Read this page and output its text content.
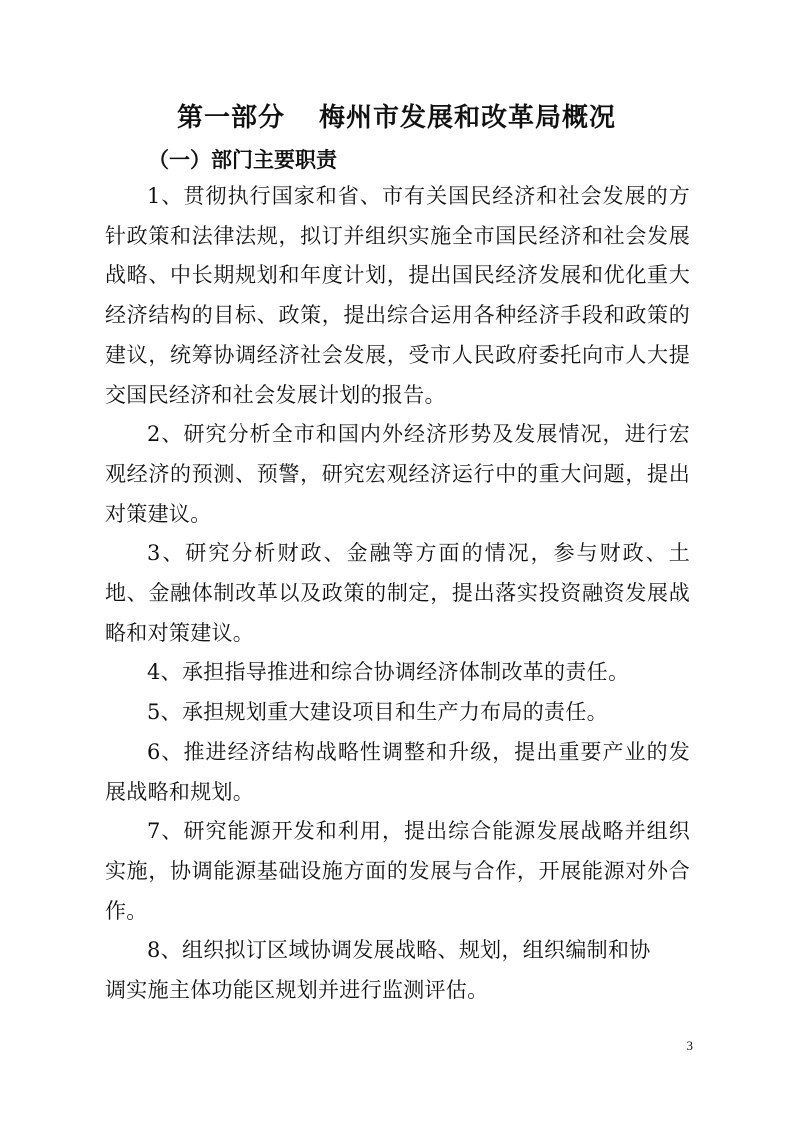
第一部分 梅州市发展和改革局概况
（一）部门主要职责

1、贯彻执行国家和省、市有关国民经济和社会发展的方针政策和法律法规，拟订并组织实施全市国民经济和社会发展战略、中长期规划和年度计划，提出国民经济发展和优化重大经济结构的目标、政策，提出综合运用各种经济手段和政策的建议，统筹协调经济社会发展，受市人民政府委托向市人大提交国民经济和社会发展计划的报告。

2、研究分析全市和国内外经济形势及发展情况，进行宏观经济的预测、预警，研究宏观经济运行中的重大问题，提出对策建议。

3、研究分析财政、金融等方面的情况，参与财政、土地、金融体制改革以及政策的制定，提出落实投资融资发展战略和对策建议。

4、承担指导推进和综合协调经济体制改革的责任。

5、承担规划重大建设项目和生产力布局的责任。

6、推进经济结构战略性调整和升级，提出重要产业的发展战略和规划。

7、研究能源开发和利用，提出综合能源发展战略并组织实施，协调能源基础设施方面的发展与合作，开展能源对外合作。

8、组织拟订区域协调发展战略、规划，组织编制和协
调实施主体功能区规划并进行监测评估。

3
